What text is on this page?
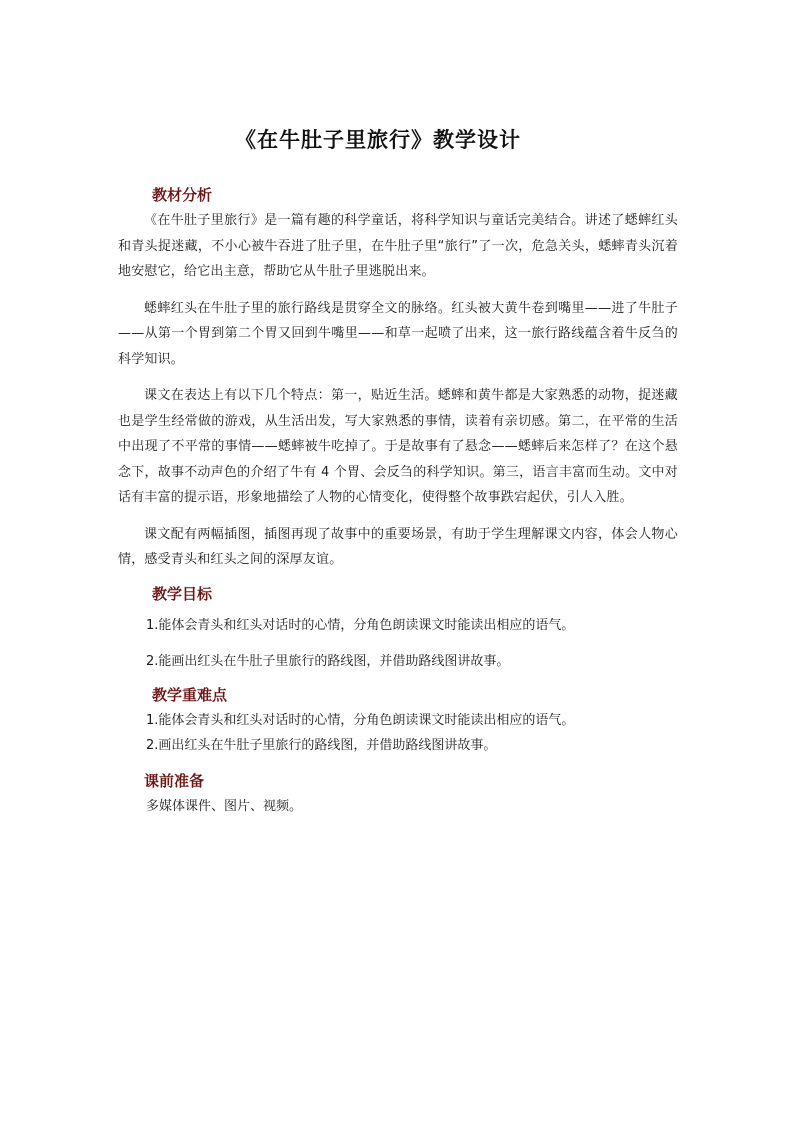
《在牛肚子里旅行》教学设计
教材分析

《在牛肚子里旅行》是一篇有趣的科学童话，将科学知识与童话完美结合。讲述了蟋蟀红头和青头捉迷藏，不小心被牛吞进了肚子里，在牛肚子里“旅行”了一次，危急关头，蟋蟀青头沉着地安慰它，给它出主意，帮助它从牛肚子里逃脱出来。

蟋蟀红头在牛肚子里的旅行路线是贯穿全文的脉络。红头被大黄牛卷到嘴里——进了牛肚子——从第一个胃到第二个胃又回到牛嘴里——和草一起喷了出来，这一旅行路线蕴含着牛反刍的科学知识。

课文在表达上有以下几个特点：第一，贴近生活。蟋蟀和黄牛都是大家熟悉的动物，捉迷藏也是学生经常做的游戏，从生活出发，写大家熟悉的事情，读着有亲切感。第二，在平常的生活中出现了不平常的事情——蟋蟀被牛吃掉了。于是故事有了悬念——蟋蟀后来怎样了？在这个悬念下，故事不动声色的介绍了牛有 4 个胃、会反刍的科学知识。第三，语言丰富而生动。文中对话有丰富的提示语，形象地描绘了人物的心情变化，使得整个故事跌宕起伏，引人入胜。

课文配有两幅插图，插图再现了故事中的重要场景，有助于学生理解课文内容，体会人物心情，感受青头和红头之间的深厚友谊。

教学目标

1.能体会青头和红头对话时的心情，分角色朗读课文时能读出相应的语气。

2.能画出红头在牛肚子里旅行的路线图，并借助路线图讲故事。

教学重难点

1.能体会青头和红头对话时的心情，分角色朗读课文时能读出相应的语气。

2.画出红头在牛肚子里旅行的路线图，并借助路线图讲故事。

课前准备

多媒体课件、图片、视频。
